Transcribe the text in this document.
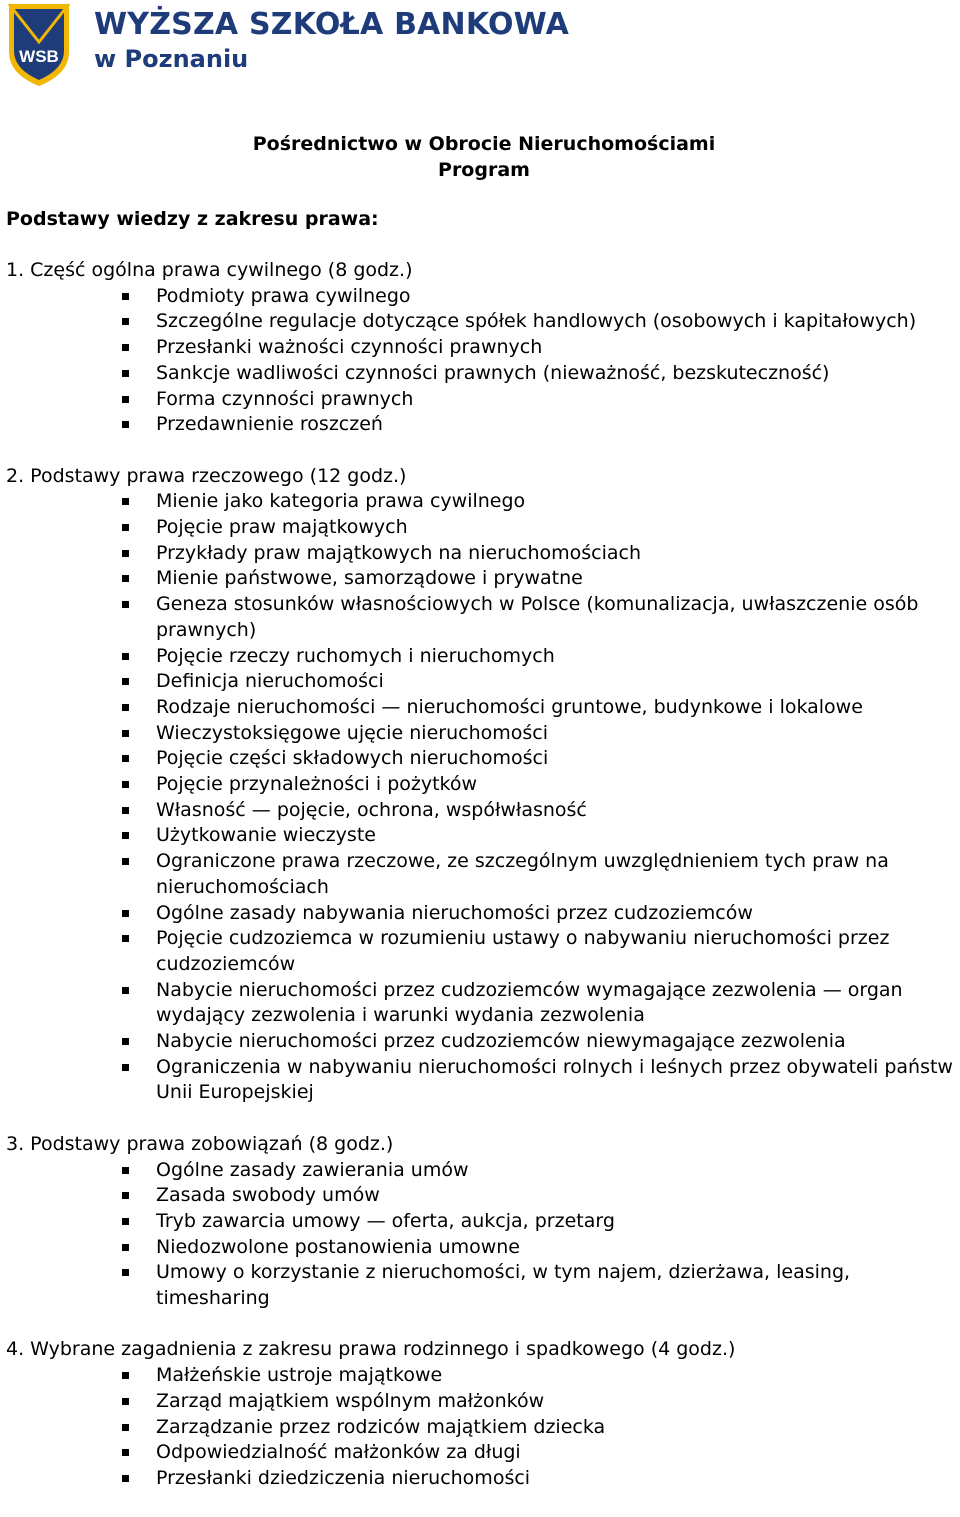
WSB
WYŻSZA SZKOŁA BANKOWA
w Poznaniu
Pośrednictwo w Obrocie Nieruchomościami
Program
Podstawy wiedzy z zakresu prawa:
1. Część ogólna prawa cywilnego (8 godz.)
Podmioty prawa cywilnego
Szczególne regulacje dotyczące spółek handlowych (osobowych i kapitałowych)
Przesłanki ważności czynności prawnych
Sankcje wadliwości czynności prawnych (nieważność, bezskuteczność)
Forma czynności prawnych
Przedawnienie roszczeń
2. Podstawy prawa rzeczowego (12 godz.)
Mienie jako kategoria prawa cywilnego
Pojęcie praw majątkowych
Przykłady praw majątkowych na nieruchomościach
Mienie państwowe, samorządowe i prywatne
Geneza stosunków własnościowych w Polsce (komunalizacja, uwłaszczenie osób prawnych)
Pojęcie rzeczy ruchomych i nieruchomych
Definicja nieruchomości
Rodzaje nieruchomości — nieruchomości gruntowe, budynkowe i lokalowe
Wieczystoksięgowe ujęcie nieruchomości
Pojęcie części składowych nieruchomości
Pojęcie przynależności i pożytków
Własność — pojęcie, ochrona, współwłasność
Użytkowanie wieczyste
Ograniczone prawa rzeczowe, ze szczególnym uwzględnieniem tych praw na nieruchomościach
Ogólne zasady nabywania nieruchomości przez cudzoziemców
Pojęcie cudzoziemca w rozumieniu ustawy o nabywaniu nieruchomości przez cudzoziemców
Nabycie nieruchomości przez cudzoziemców wymagające zezwolenia — organ wydający zezwolenia i warunki wydania zezwolenia
Nabycie nieruchomości przez cudzoziemców niewymagające zezwolenia
Ograniczenia w nabywaniu nieruchomości rolnych i leśnych przez obywateli państw Unii Europejskiej
3. Podstawy prawa zobowiązań (8 godz.)
Ogólne zasady zawierania umów
Zasada swobody umów
Tryb zawarcia umowy — oferta, aukcja, przetarg
Niedozwolone postanowienia umowne
Umowy o korzystanie z nieruchomości, w tym najem, dzierżawa, leasing, timesharing
4. Wybrane zagadnienia z zakresu prawa rodzinnego i spadkowego (4 godz.)
Małżeńskie ustroje majątkowe
Zarząd majątkiem wspólnym małżonków
Zarządzanie przez rodziców majątkiem dziecka
Odpowiedzialność małżonków za długi
Przesłanki dziedziczenia nieruchomości
